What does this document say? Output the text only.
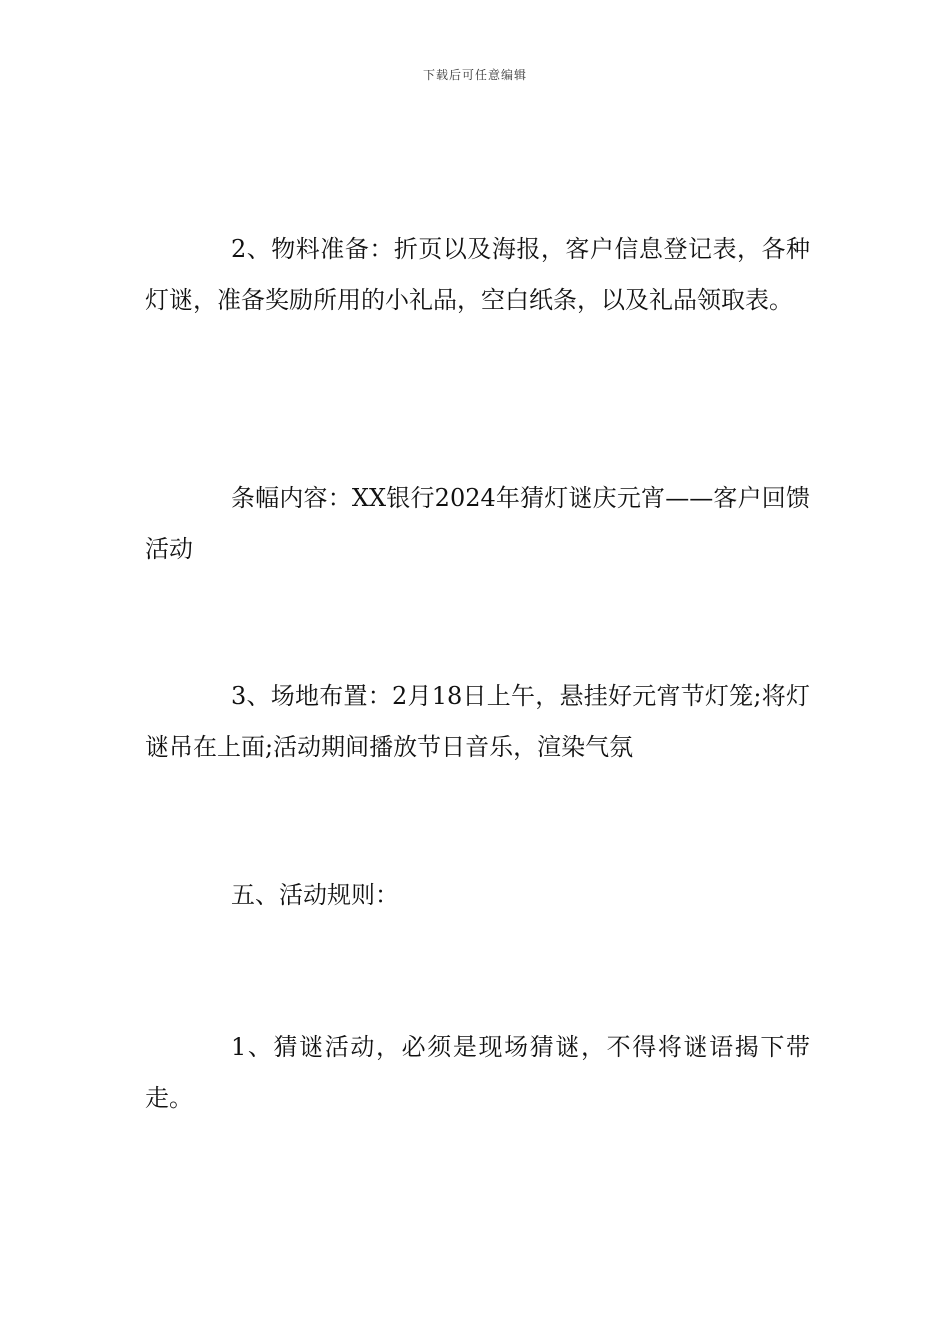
下载后可任意编辑

2、物料准备：折页以及海报，客户信息登记表，各种灯谜，准备奖励所用的小礼品，空白纸条，以及礼品领取表。

条幅内容：XX银行2024年猜灯谜庆元宵——客户回馈活动

3、场地布置：2月18日上午，悬挂好元宵节灯笼;将灯谜吊在上面;活动期间播放节日音乐，渲染气氛

五、活动规则：

1、猜谜活动，必须是现场猜谜，不得将谜语揭下带走。
